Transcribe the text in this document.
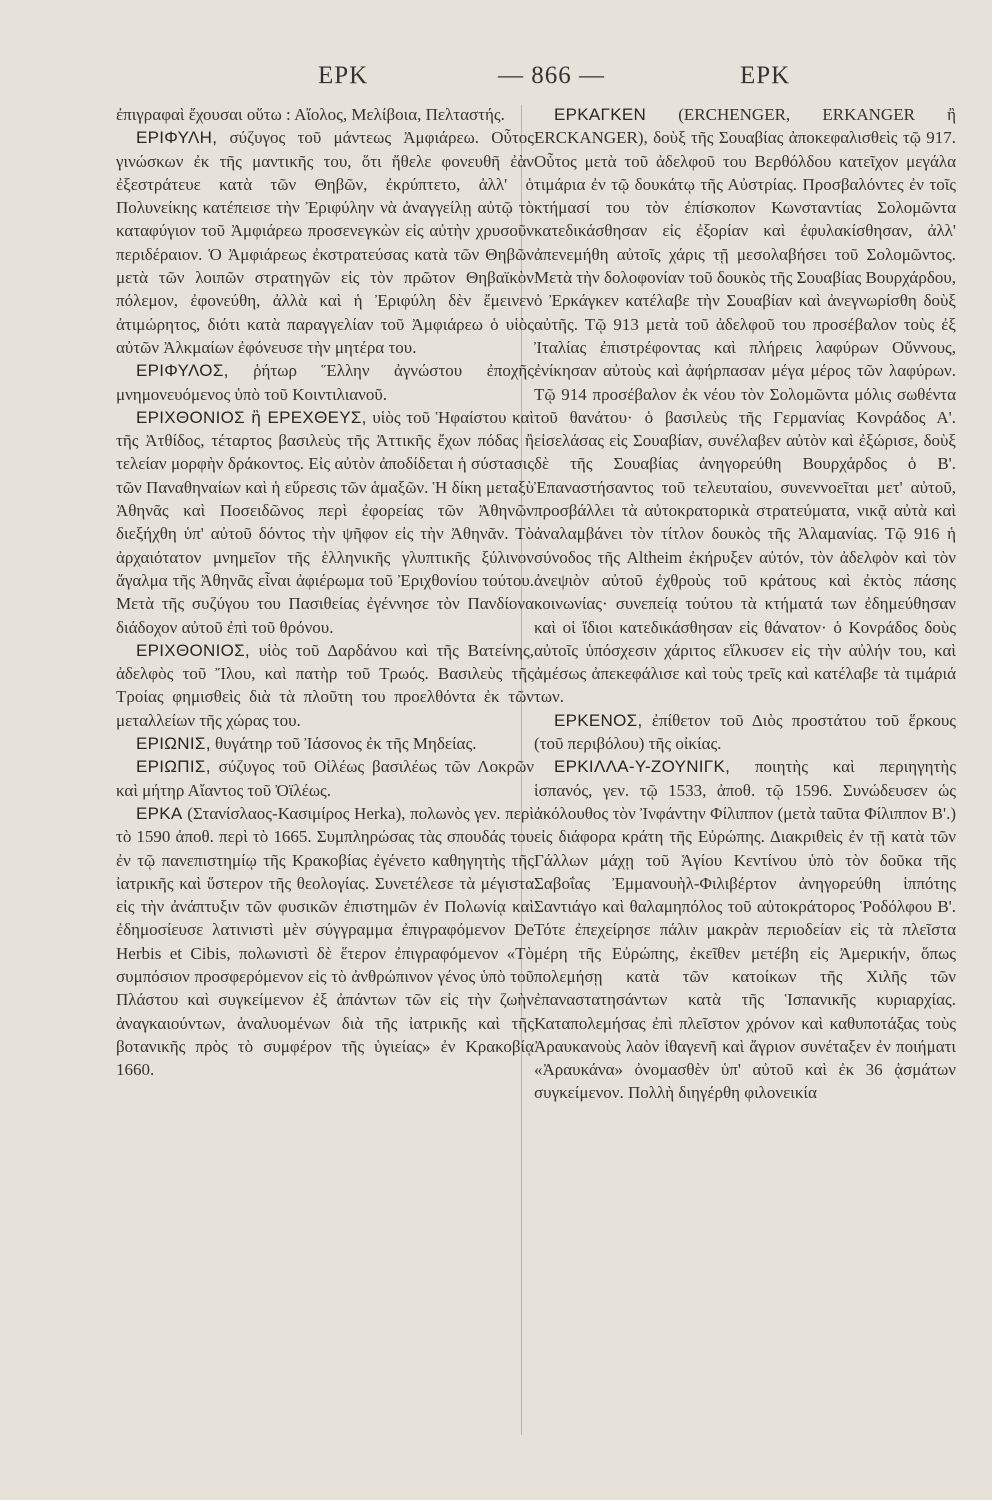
ΕΡΚ	— 866 —	ΕΡΚ

ἐπιγραφαὶ ἔχουσαι οὕτω : Αἴολος, Μελίβοια, Πελταστής.

ΕΡΙΦΥΛΗ, σύζυγος τοῦ μάντεως Ἀμφιάρεω. Οὗτος γινώσκων ἐκ τῆς μαντικῆς του, ὅτι ἤθελε φονευθῆ ἐὰν ἐξεστράτευε κατὰ τῶν Θηβῶν, ἐκρύπτετο, ἀλλ' ὁ Πολυνείκης κατέπεισε τὴν Ἐριφύλην νὰ ἀναγγείλῃ αὐτῷ τὸ καταφύγιον τοῦ Ἀμφιάρεω προσενεγκὼν εἰς αὐτὴν χρυσοῦν περιδέραιον. Ὁ Ἀμφιάρεως ἐκστρατεύσας κατὰ τῶν Θηβῶν μετὰ τῶν λοιπῶν στρατηγῶν εἰς τὸν πρῶτον Θηβαϊκὸν πόλεμον, ἐφονεύθη, ἀλλὰ καὶ ἡ Ἐριφύλη δὲν ἔμεινεν ἀτιμώρητος, διότι κατὰ παραγγελίαν τοῦ Ἀμφιάρεω ὁ υἱὸς αὐτῶν Ἀλκμαίων ἐφόνευσε τὴν μητέρα του.

ΕΡΙΦΥΛΟΣ, ῥήτωρ Ἕλλην ἀγνώστου ἐποχῆς μνημονευόμενος ὑπὸ τοῦ Κοιντιλιανοῦ.

ΕΡΙΧΘΟΝΙΟΣ ἢ ΕΡΕΧΘΕΥΣ, υἱὸς τοῦ Ἡφαίστου καὶ τῆς Ἀτθίδος, τέταρτος βασιλεὺς τῆς Ἀττικῆς ἔχων πόδας ἢ τελείαν μορφὴν δράκοντος. Εἰς αὐτὸν ἀποδίδεται ἡ σύστασις τῶν Παναθηναίων καὶ ἡ εὕρεσις τῶν ἁμαξῶν. Ἡ δίκη μεταξὺ Ἀθηνᾶς καὶ Ποσειδῶνος περὶ ἐφορείας τῶν Ἀθηνῶν διεξήχθη ὑπ' αὐτοῦ δόντος τὴν ψῆφον εἰς τὴν Ἀθηνᾶν. Τὸ ἀρχαιότατον μνημεῖον τῆς ἑλληνικῆς γλυπτικῆς ξύλινον ἄγαλμα τῆς Ἀθηνᾶς εἶναι ἀφιέρωμα τοῦ Ἐριχθονίου τούτου. Μετὰ τῆς συζύγου του Πασιθείας ἐγέννησε τὸν Πανδίονα διάδοχον αὐτοῦ ἐπὶ τοῦ θρόνου.

ΕΡΙΧΘΟΝΙΟΣ, υἱὸς τοῦ Δαρδάνου καὶ τῆς Βατείνης, ἀδελφὸς τοῦ Ἴλου, καὶ πατὴρ τοῦ Τρωός. Βασιλεὺς τῆς Τροίας φημισθεὶς διὰ τὰ πλοῦτη του προελθόντα ἐκ τῶν μεταλλείων τῆς χώρας του.

ΕΡΙΩΝΙΣ, θυγάτηρ τοῦ Ἰάσονος ἐκ τῆς Μηδείας.

ΕΡΙΩΠΙΣ, σύζυγος τοῦ Οἰλέως βασιλέως τῶν Λοκρῶν καὶ μήτηρ Αἴαντος τοῦ Ὀϊλέως.

ΕΡΚΑ (Στανίσλαος-Κασιμίρος Herka), πολωνὸς γεν. περὶ τὸ 1590 ἀποθ. περὶ τὸ 1665. Συμπληρώσας τὰς σπουδάς του ἐν τῷ πανεπιστημίῳ τῆς Κρακοβίας ἐγένετο καθηγητὴς τῆς ἰατρικῆς καὶ ὕστερον τῆς θεολογίας. Συνετέλεσε τὰ μέγιστα εἰς τὴν ἀνάπτυξιν τῶν φυσικῶν ἐπιστημῶν ἐν Πολωνίᾳ καὶ ἐδημοσίευσε λατινιστὶ μὲν σύγγραμμα ἐπιγραφόμενον De Herbis et Cibis, πολωνιστὶ δὲ ἕτερον ἐπιγραφόμενον «Τὸ συμπόσιον προσφερόμενον εἰς τὸ ἀνθρώπινον γένος ὑπὸ τοῦ Πλάστου καὶ συγκείμενον ἐξ ἀπάντων τῶν εἰς τὴν ζωὴν ἀναγκαιούντων, ἀναλυομένων διὰ τῆς ἰατρικῆς καὶ τῆς βοτανικῆς πρὸς τὸ συμφέρον τῆς ὑγιείας» ἐν Κρακοβίᾳ 1660.

ΕΡΚΑΓΚΕΝ (ERCHENGER, ERKANGER ἢ ERCKANGER), δοὺξ τῆς Σουαβίας ἀποκεφαλισθεὶς τῷ 917. Οὗτος μετὰ τοῦ ἀδελφοῦ του Βερθόλδου κατεῖχον μεγάλα τιμάρια ἐν τῷ δουκάτῳ τῆς Αὐστρίας. Προσβαλόντες ἐν τοῖς κτήμασί του τὸν ἐπίσκοπον Κωνσταντίας Σολομῶντα κατεδικάσθησαν εἰς ἐξορίαν καὶ ἐφυλακίσθησαν, ἀλλ' ἀπενεμήθη αὐτοῖς χάρις τῇ μεσολαβήσει τοῦ Σολομῶντος. Μετὰ τὴν δολοφονίαν τοῦ δουκὸς τῆς Σουαβίας Βουρχάρδου, ὁ Ἐρκάγκεν κατέλαβε τὴν Σουαβίαν καὶ ἀνεγνωρίσθη δοὺξ αὐτῆς. Τῷ 913 μετὰ τοῦ ἀδελφοῦ του προσέβαλον τοὺς ἐξ Ἰταλίας ἐπιστρέφοντας καὶ πλήρεις λαφύρων Οὔννους, ἐνίκησαν αὐτοὺς καὶ ἀφήρπασαν μέγα μέρος τῶν λαφύρων. Τῷ 914 προσέβαλον ἐκ νέου τὸν Σολομῶντα μόλις σωθέντα τοῦ θανάτου· ὁ βασιλεὺς τῆς Γερμανίας Κονράδος Α'. εἰσελάσας εἰς Σουαβίαν, συνέλαβεν αὐτὸν καὶ ἐξώρισε, δοὺξ δὲ τῆς Σουαβίας ἀνηγορεύθη Βουρχάρδος ὁ Β'. Ἐπαναστήσαντος τοῦ τελευταίου, συνεννοεῖται μετ' αὐτοῦ, προσβάλλει τὰ αὐτοκρατορικὰ στρατεύματα, νικᾷ αὐτὰ καὶ ἀναλαμβάνει τὸν τίτλον δουκὸς τῆς Ἀλαμανίας. Τῷ 916 ἡ σύνοδος τῆς Altheim ἐκήρυξεν αὐτόν, τὸν ἀδελφὸν καὶ τὸν ἀνεψιὸν αὐτοῦ ἐχθροὺς τοῦ κράτους καὶ ἐκτὸς πάσης κοινωνίας· συνεπείᾳ τούτου τὰ κτήματά των ἐδημεύθησαν καὶ οἱ ἴδιοι κατεδικάσθησαν εἰς θάνατον· ὁ Κονράδος δοὺς αὐτοῖς ὑπόσχεσιν χάριτος εἵλκυσεν εἰς τὴν αὐλήν του, καὶ ἀμέσως ἀπεκεφάλισε καὶ τοὺς τρεῖς καὶ κατέλαβε τὰ τιμάριά των.

ΕΡΚΕΝΟΣ, ἐπίθετον τοῦ Διὸς προστάτου τοῦ ἕρκους (τοῦ περιβόλου) τῆς οἰκίας.

ΕΡΚΙΛΛΑ-Υ-ΖΟΥΝΙΓΚ, ποιητὴς καὶ περιηγητὴς ἱσπανός, γεν. τῷ 1533, ἀποθ. τῷ 1596. Συνώδευσεν ὡς ἀκόλουθος τὸν Ἰνφάντην Φίλιππον (μετὰ ταῦτα Φίλιππον Β'.) εἰς διάφορα κράτη τῆς Εὐρώπης. Διακριθεὶς ἐν τῇ κατὰ τῶν Γάλλων μάχῃ τοῦ Ἁγίου Κεντίνου ὑπὸ τὸν δοῦκα τῆς Σαβοΐας Ἐμμανουὴλ-Φιλιβέρτον ἀνηγορεύθη ἱππότης Σαντιάγο καὶ θαλαμηπόλος τοῦ αὐτοκράτορος Ῥοδόλφου Β'. Τότε ἐπεχείρησε πάλιν μακρὰν περιοδείαν εἰς τὰ πλεῖστα μέρη τῆς Εὐρώπης, ἐκεῖθεν μετέβη εἰς Ἀμερικήν, ὅπως πολεμήσῃ κατὰ τῶν κατοίκων τῆς Χιλῆς τῶν ἐπαναστατησάντων κατὰ τῆς Ἱσπανικῆς κυριαρχίας. Καταπολεμήσας ἐπὶ πλεῖστον χρόνον καὶ καθυποτάξας τοὺς Ἀραυκανοὺς λαὸν ἰθαγενῆ καὶ ἄγριον συνέταξεν ἐν ποιήματι «Ἀραυκάνα» ὀνομασθὲν ὑπ' αὐτοῦ καὶ ἐκ 36 ᾀσμάτων συγκείμενον. Πολλὴ διηγέρθη φιλονεικία
